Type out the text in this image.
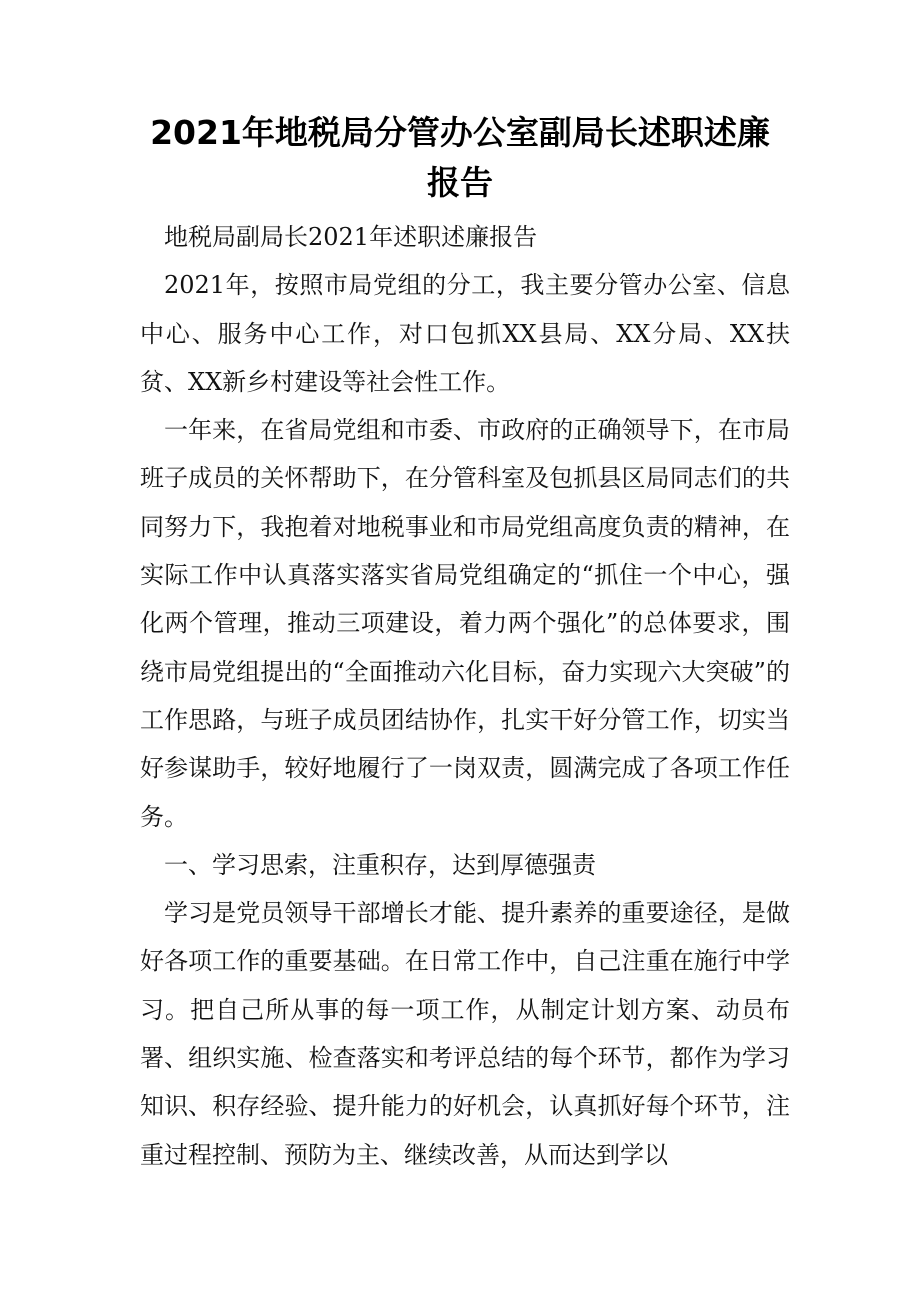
2021年地税局分管办公室副局长述职述廉
报告

地税局副局长2021年述职述廉报告

2021年，按照市局党组的分工，我主要分管办公室、信息中心、服务中心工作，对口包抓XX县局、XX分局、XX扶贫、XX新乡村建设等社会性工作。

一年来，在省局党组和市委、市政府的正确领导下，在市局班子成员的关怀帮助下，在分管科室及包抓县区局同志们的共同努力下，我抱着对地税事业和市局党组高度负责的精神，在实际工作中认真落实落实省局党组确定的“抓住一个中心，强化两个管理，推动三项建设，着力两个强化”的总体要求，围绕市局党组提出的“全面推动六化目标，奋力实现六大突破”的工作思路，与班子成员团结协作，扎实干好分管工作，切实当好参谋助手，较好地履行了一岗双责，圆满完成了各项工作任务。

一、学习思索，注重积存，达到厚德强责

学习是党员领导干部增长才能、提升素养的重要途径，是做好各项工作的重要基础。在日常工作中，自己注重在施行中学习。把自己所从事的每一项工作，从制定计划方案、动员布署、组织实施、检查落实和考评总结的每个环节，都作为学习知识、积存经验、提升能力的好机会，认真抓好每个环节，注重过程控制、预防为主、继续改善，从而达到学以
